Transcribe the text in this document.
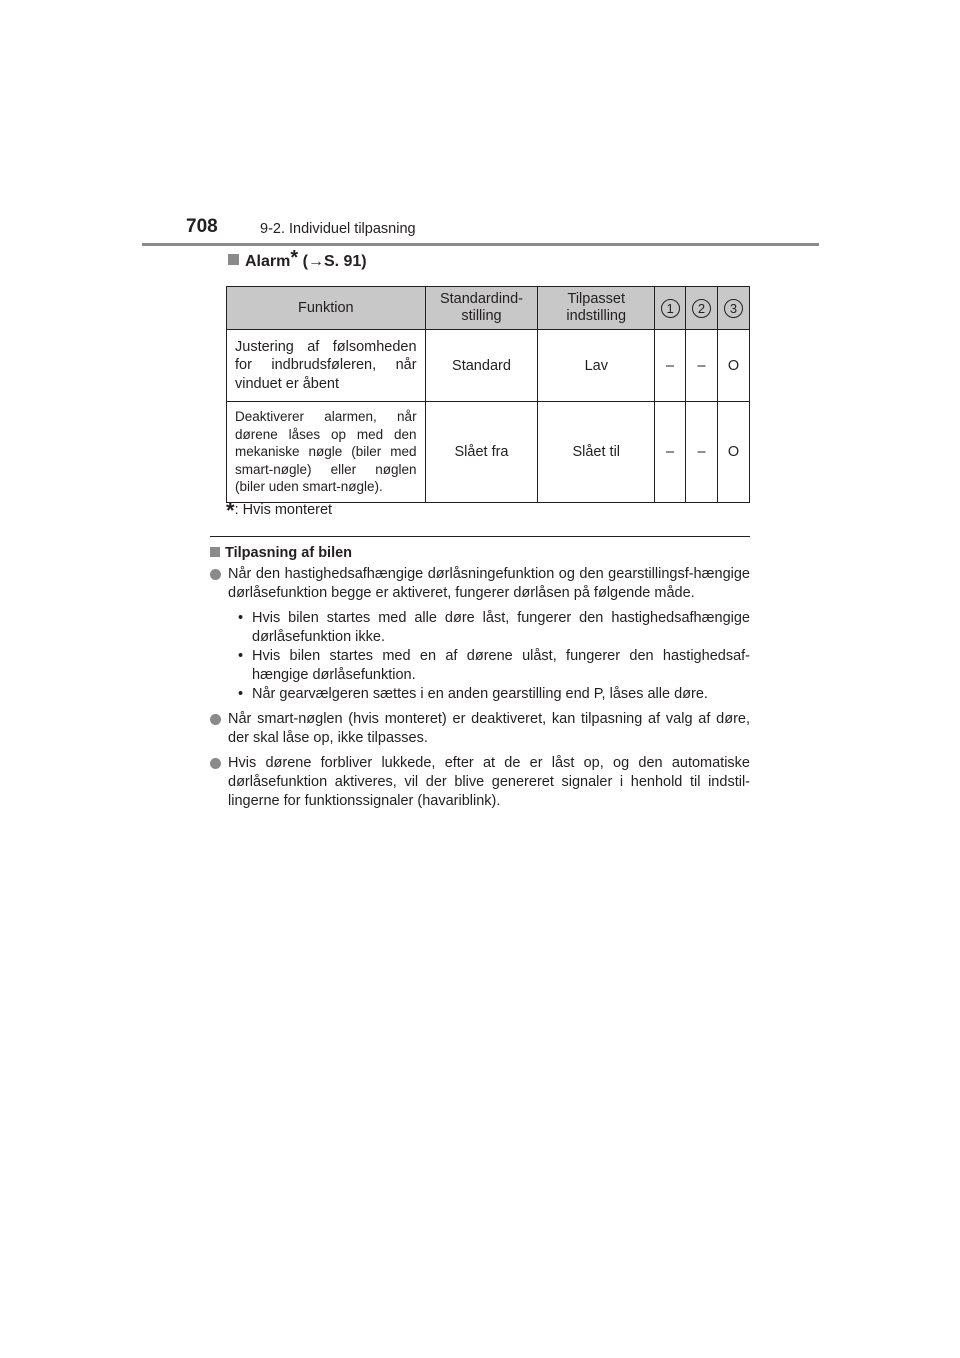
708	9-2. Individuel tilpasning
Alarm* (→S. 91)
Funktion	Standardind-stilling	Tilpasset indstilling	1	2	3
Justering af følsomheden for indbrudsføleren, når vinduet er åbent	Standard	Lav	–	–	O
Deaktiverer alarmen, når dørene låses op med den mekaniske nøgle (biler med smart-nøgle) eller nøglen (biler uden smart-nøgle).	Slået fra	Slået til	–	–	O
*: Hvis monteret
Tilpasning af bilen
Når den hastighedsafhængige dørlåsningefunktion og den gearstillingsf-hængige dørlåsefunktion begge er aktiveret, fungerer dørlåsen på følgende måde.
• Hvis bilen startes med alle døre låst, fungerer den hastighedsafhængige dørlåsefunktion ikke.
• Hvis bilen startes med en af dørene ulåst, fungerer den hastighedsaf-hængige dørlåsefunktion.
• Når gearvælgeren sættes i en anden gearstilling end P, låses alle døre.
Når smart-nøglen (hvis monteret) er deaktiveret, kan tilpasning af valg af døre, der skal låse op, ikke tilpasses.
Hvis dørene forbliver lukkede, efter at de er låst op, og den automatiske dørlåsefunktion aktiveres, vil der blive genereret signaler i henhold til indstil-lingerne for funktionssignaler (havariblink).
